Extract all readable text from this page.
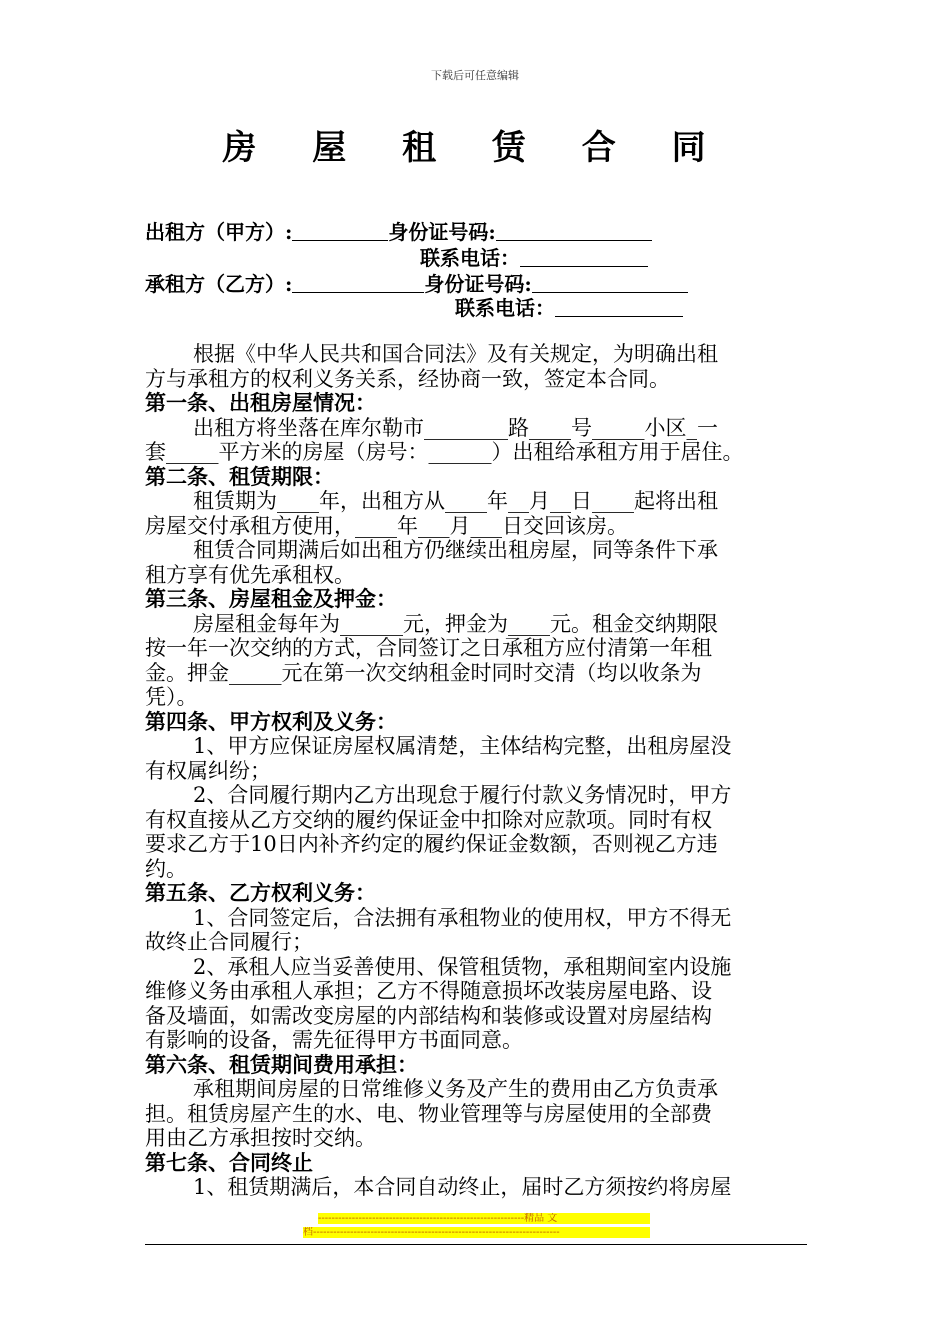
下载后可任意编辑
房 屋 租 赁 合 同
出租方（甲方）:	身份证号码:
联系电话：
承租方（乙方）:	身份证号码:
联系电话：
根据《中华人民共和国合同法》及有关规定，为明确出租
方与承租方的权利义务关系，经协商一致，签定本合同。
第一条、出租房屋情况：
出租方将坐落在库尔勒市________路____号_____小区_一
套_____平方米的房屋（房号：______）出租给承租方用于居住。
第二条、租赁期限：
租赁期为____年，出租方从____年__月__日____起将出租
房屋交付承租方使用，____年___月___日交回该房。
租赁合同期满后如出租方仍继续出租房屋，同等条件下承
租方享有优先承租权。
第三条、房屋租金及押金：
房屋租金每年为______元，押金为____元。租金交纳期限
按一年一次交纳的方式，合同签订之日承租方应付清第一年租
金。押金_____元在第一次交纳租金时同时交清（均以收条为
凭）。
第四条、甲方权利及义务：
1、甲方应保证房屋权属清楚，主体结构完整，出租房屋没
有权属纠纷；
2、合同履行期内乙方出现怠于履行付款义务情况时，甲方
有权直接从乙方交纳的履约保证金中扣除对应款项。同时有权
要求乙方于10日内补齐约定的履约保证金数额，否则视乙方违
约。
第五条、乙方权利义务：
1、合同签定后，合法拥有承租物业的使用权，甲方不得无
故终止合同履行；
2、承租人应当妥善使用、保管租赁物，承租期间室内设施
维修义务由承租人承担；乙方不得随意损坏改装房屋电路、设
备及墙面，如需改变房屋的内部结构和装修或设置对房屋结构
有影响的设备，需先征得甲方书面同意。
第六条、租赁期间费用承担：
承租期间房屋的日常维修义务及产生的费用由乙方负责承
担。租赁房屋产生的水、电、物业管理等与房屋使用的全部费
用由乙方承担按时交纳。
第七条、合同终止
1、租赁期满后，本合同自动终止，届时乙方须按约将房屋
-------------------------------------------------------------精品 文
档-------------------------------------------------------------------------
